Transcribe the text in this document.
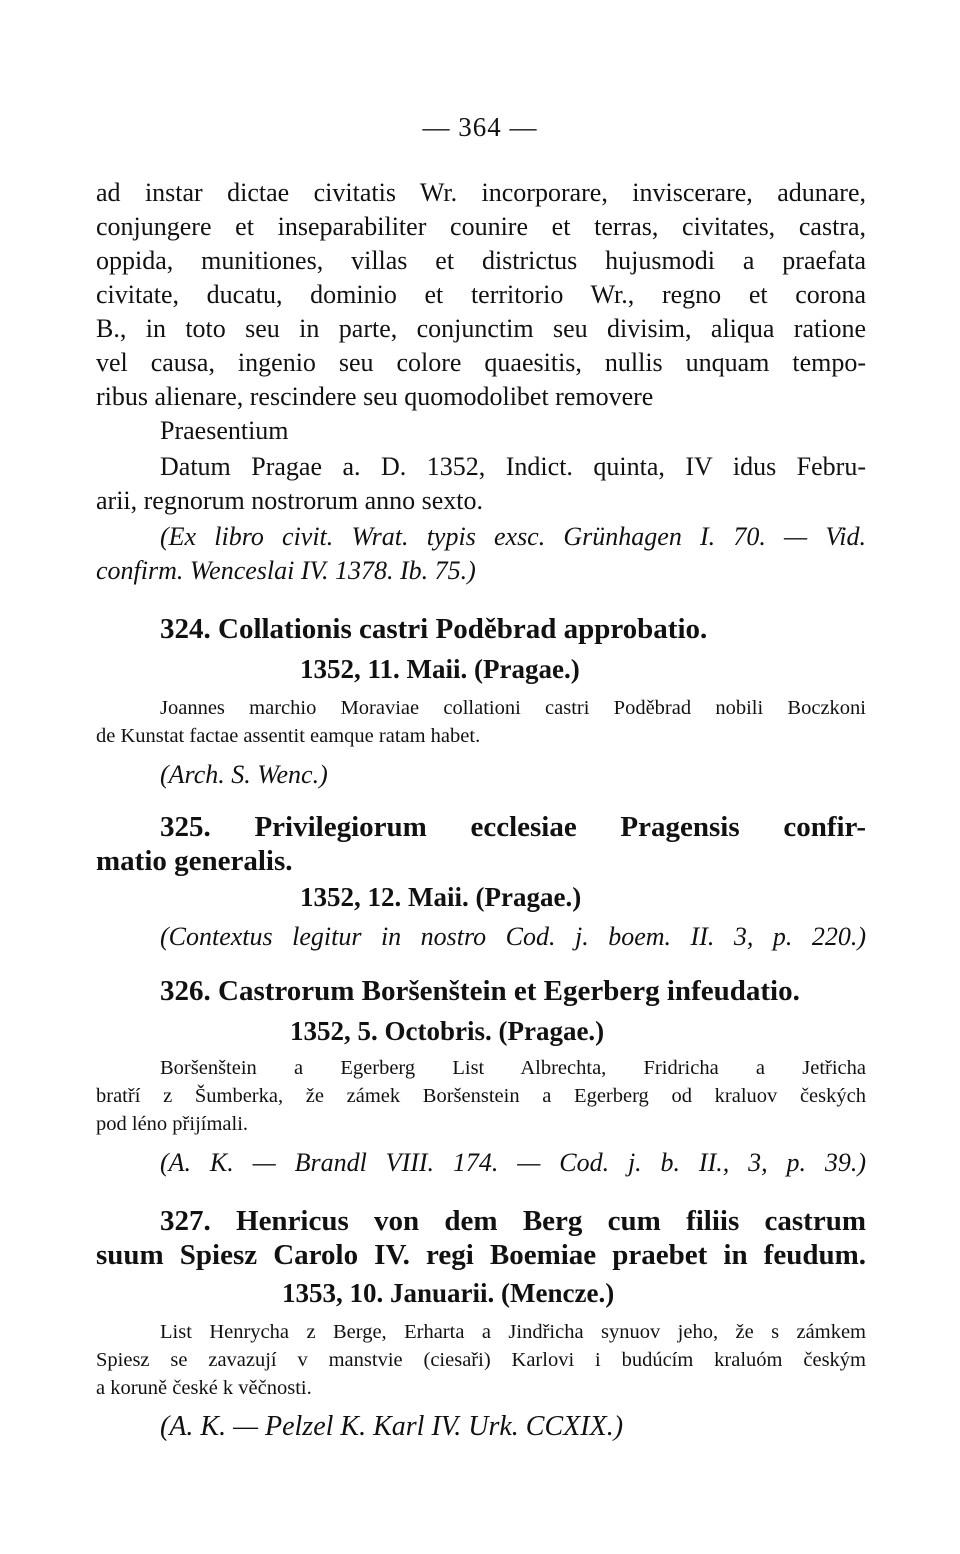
— 364 —
ad instar dictae civitatis Wr. incorporare, inviscerare, adunare,
conjungere et inseparabiliter counire et terras, civitates, castra,
oppida, munitiones, villas et districtus hujusmodi a praefata
civitate, ducatu, dominio et territorio Wr., regno et corona
B., in toto seu in parte, conjunctim seu divisim, aliqua ratione
vel causa, ingenio seu colore quaesitis, nullis unquam tempo-
ribus alienare, rescindere seu quomodolibet removere
Praesentium
Datum Pragae a. D. 1352, Indict. quinta, IV idus Febru-
arii, regnorum nostrorum anno sexto.
(Ex libro civit. Wrat. typis exsc. Grünhagen I. 70. — Vid.
confirm. Wenceslai IV. 1378. Ib. 75.)
324. Collationis castri Poděbrad approbatio.
1352, 11. Maii. (Pragae.)
Joannes marchio Moraviae collationi castri Poděbrad nobili Boczkoni
de Kunstat factae assentit eamque ratam habet.
(Arch. S. Wenc.)
325. Privilegiorum ecclesiae Pragensis confir-
matio generalis.
1352, 12. Maii. (Pragae.)
(Contextus legitur in nostro Cod. j. boem. II. 3, p. 220.)
326. Castrorum Boršenštein et Egerberg infeudatio.
1352, 5. Octobris. (Pragae.)
Boršenštein a Egerberg List Albrechta, Fridricha a Jetřicha
bratří z Šumberka, že zámek Boršenstein a Egerberg od kraluov českých
pod léno přijímali.
(A. K. — Brandl VIII. 174. — Cod. j. b. II., 3, p. 39.)
327. Henricus von dem Berg cum filiis castrum
suum Spiesz Carolo IV. regi Boemiae praebet in feudum.
1353, 10. Januarii. (Mencze.)
List Henrycha z Berge, Erharta a Jindřicha synuov jeho, že s zámkem
Spiesz se zavazují v manstvie (ciesaři) Karlovi i budúcím kraluóm českým
a koruně české k věčnosti.
(A. K. — Pelzel K. Karl IV. Urk. CCXIX.)
